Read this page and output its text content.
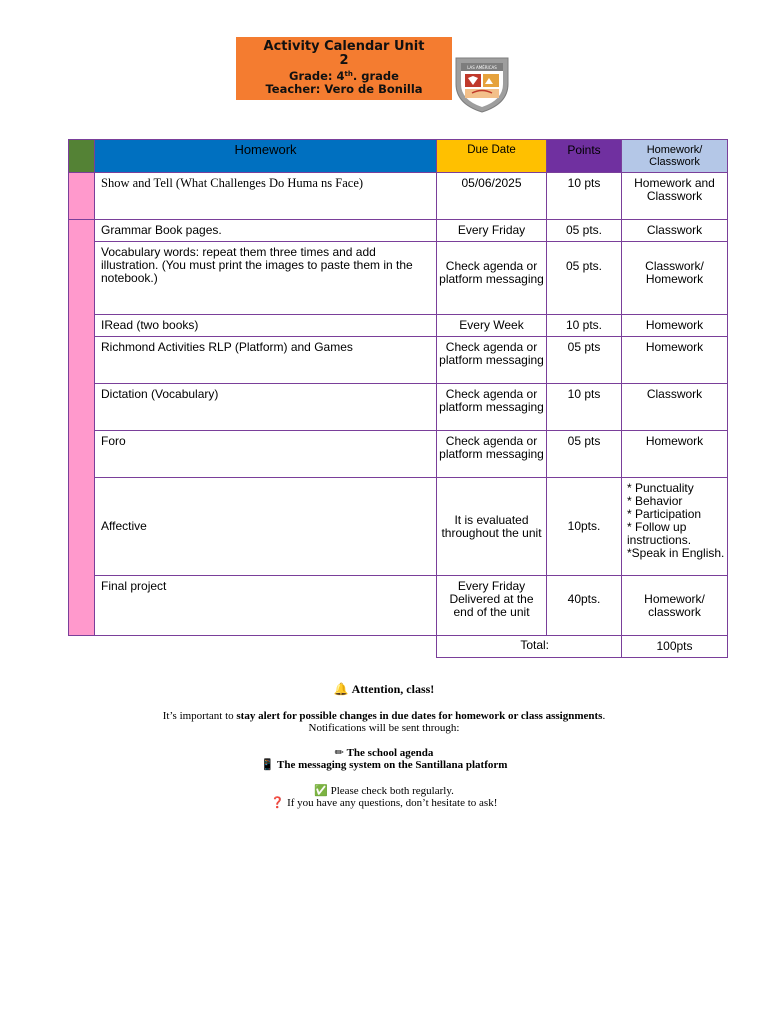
Activity Calendar Unit
2
Grade: 4th. grade
Teacher: Vero de Bonilla
LAS AMÉRICAS
	Homework	Due Date	Points	Homework/ Classwork
	Show and Tell (What Challenges Do Huma ns Face)	05/06/2025	10 pts	Homework and Classwork
	Grammar Book pages.	Every Friday	05 pts.	Classwork
	Vocabulary words: repeat them three times and add illustration. (You must print the images to paste them in the notebook.)	Check agenda or platform messaging	05 pts.	Classwork/ Homework
	IRead (two books)	Every Week	10 pts.	Homework
	Richmond Activities RLP (Platform) and Games	Check agenda or platform messaging	05 pts	Homework
	Dictation (Vocabulary)	Check agenda or platform messaging	10 pts	Classwork
	Foro	Check agenda or platform messaging	05 pts	Homework
	Affective	It is evaluated throughout the unit	10pts.	* Punctuality
* Behavior
* Participation
* Follow up instructions.
*Speak in English.

	Final project	Every Friday Delivered at the end of the unit	40pts.	Homework/ classwork
		Total:		100pts
🔔 Attention, class!
It’s important to stay alert for possible changes in due dates for homework or class assignments.
Notifications will be sent through:
✏ The school agenda
📱 The messaging system on the Santillana platform
✅ Please check both regularly.
❓ If you have any questions, don’t hesitate to ask!
